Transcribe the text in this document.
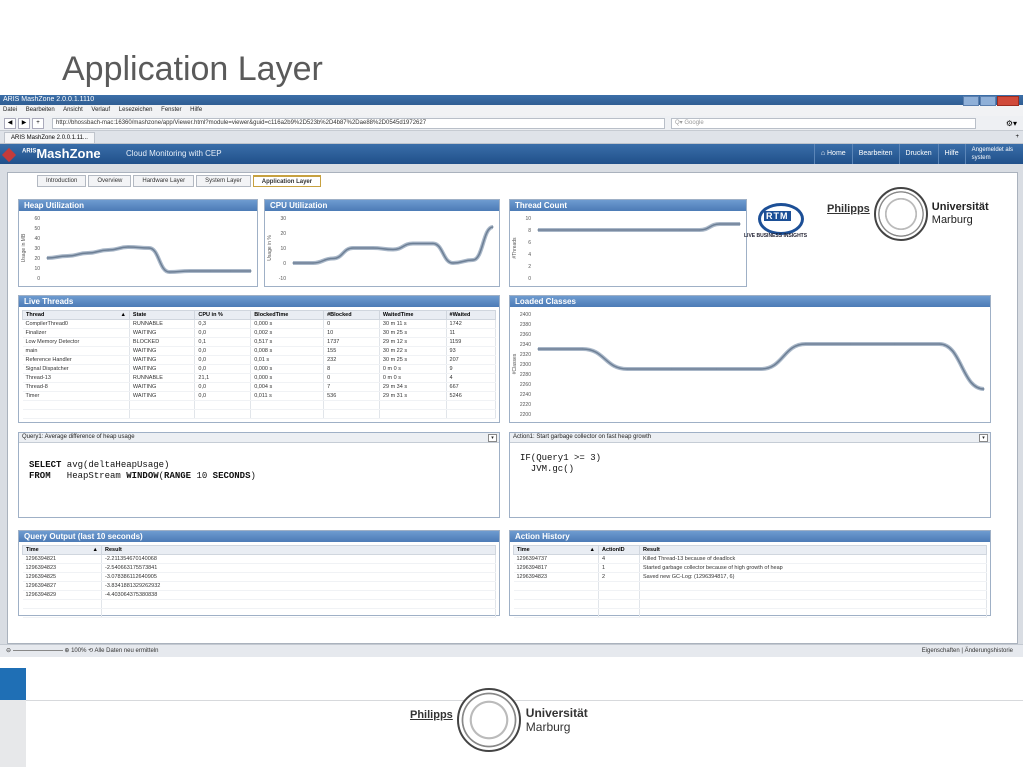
Application Layer
ARIS MashZone 2.0.0.1.1110
Datei Bearbeiten Ansicht Verlauf Lesezeichen Fenster Hilfe
◀	▶	+	http://bhossbach-mac:16360/mashzone/app/Viewer.html?module=viewer&guid=c116a2b9%2D523b%2D4b87%2Dae88%2D0545d1972627	Q▾ Google	⚙▾
ARIS MashZone 2.0.0.1.11...	+
$^{ARIS}$MashZone	Cloud Monitoring with CEP	⌂ Home	Bearbeiten	Drucken	Hilfe	Angemeldet als
system
Introduction	Overview	Hardware Layer	System Layer	Application Layer
Heap Utilization
60
50
40
30
20
10
0
Usage in MB
CPU Utilization
30
20
10
0
-10
Usage in %
Thread Count
10
8
6
4
2
0
#Threads
RTM
LIVE BUSINESS INSIGHTS
Philipps	Universität
Marburg
Live Threads
Thread ▲	State	CPU in %	BlockedTime	#Blocked	WaitedTime	#Waited
CompilerThread0	RUNNABLE	0,3	0,000 s	0	30 m 11 s	1742
Finalizer	WAITING	0,0	0,002 s	10	30 m 25 s	11
Low Memory Detector	BLOCKED	0,1	0,517 s	1737	29 m 12 s	1159
main	WAITING	0,0	0,008 s	155	30 m 22 s	93
Reference Handler	WAITING	0,0	0,01 s	232	30 m 25 s	207
Signal Dispatcher	WAITING	0,0	0,000 s	8	0 m 0 s	9
Thread-13	RUNNABLE	21,1	0,000 s	0	0 m 0 s	4
Thread-8	WAITING	0,0	0,004 s	7	29 m 34 s	667
Timer	WAITING	0,0	0,011 s	536	29 m 31 s	5246

Loaded Classes
2400
2380
2360
2340
2320
2300
2280
2260
2240
2220
2200
#Classes
Query1: Average difference of heap usage	▾
SELECT avg(deltaHeapUsage)
FROM   HeapStream WINDOW(RANGE 10 SECONDS)
Action1: Start garbage collector on fast heap growth	▾
IF(Query1 >= 3)
JVM.gc()
Query Output (last 10 seconds)
Time ▲	Result
1296394821	-2.211354670140068
1296394823	-2.540663175573841
1296394825	-3.078386112640905
1296394827	-3.8341881329262932
1296394829	-4.403064375380838

Action History
Time ▲	ActionID	Result
1296394737	4	Killed Thread-13 because of deadlock
1296394817	1	Started garbage collector because of high growth of heap
1296394823	2	Saved new GC-Log: (1296394817, 6)

⊖	⊕ 100% ⟲ Alle Daten neu ermitteln	Eigenschaften | Änderungshistorie
Philipps	Universität
Marburg
